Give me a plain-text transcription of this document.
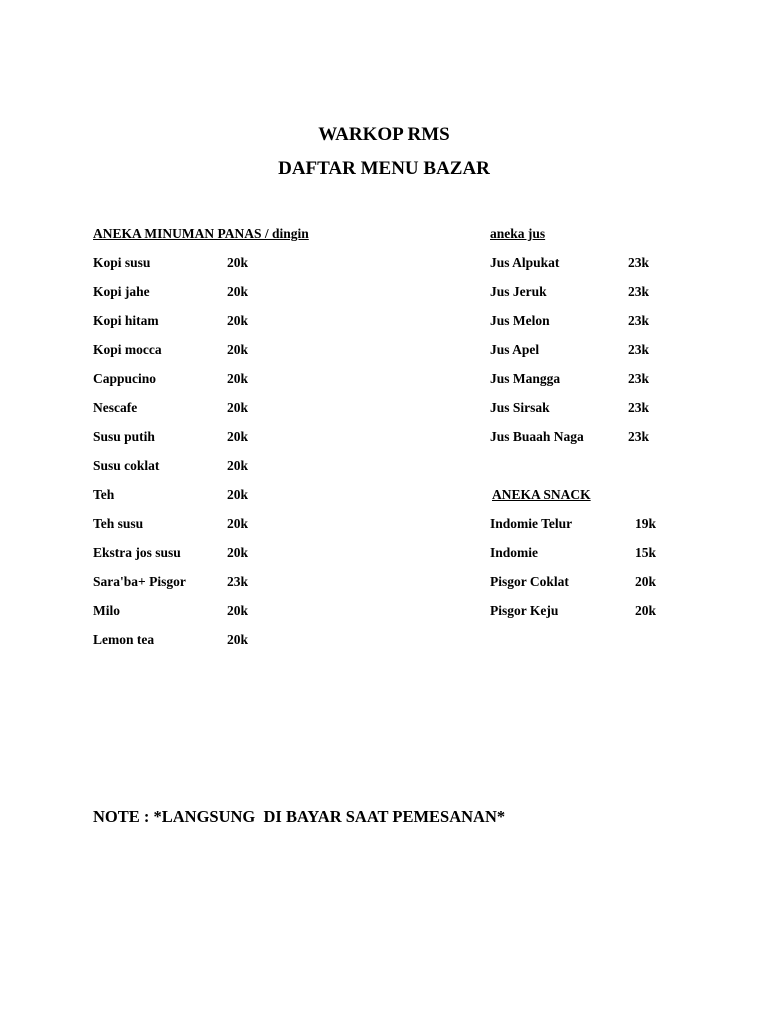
WARKOP RMS
DAFTAR MENU BAZAR
ANEKA MINUMAN PANAS / dingin
Kopi susu	20k
Kopi jahe	20k
Kopi hitam	20k
Kopi mocca	20k
Cappucino	20k
Nescafe	20k
Susu putih	20k
Susu coklat	20k
Teh	20k
Teh susu	20k
Ekstra jos susu	20k
Sara'ba+ Pisgor	23k
Milo	20k
Lemon tea	20k
aneka jus
Jus Alpukat	23k
Jus Jeruk	23k
Jus Melon	23k
Jus Apel	23k
Jus Mangga	23k
Jus Sirsak	23k
Jus Buaah Naga	23k
ANEKA SNACK
Indomie Telur	19k
Indomie	15k
Pisgor Coklat	20k
Pisgor Keju	20k

NOTE : *LANGSUNG  DI BAYAR SAAT PEMESANAN*
